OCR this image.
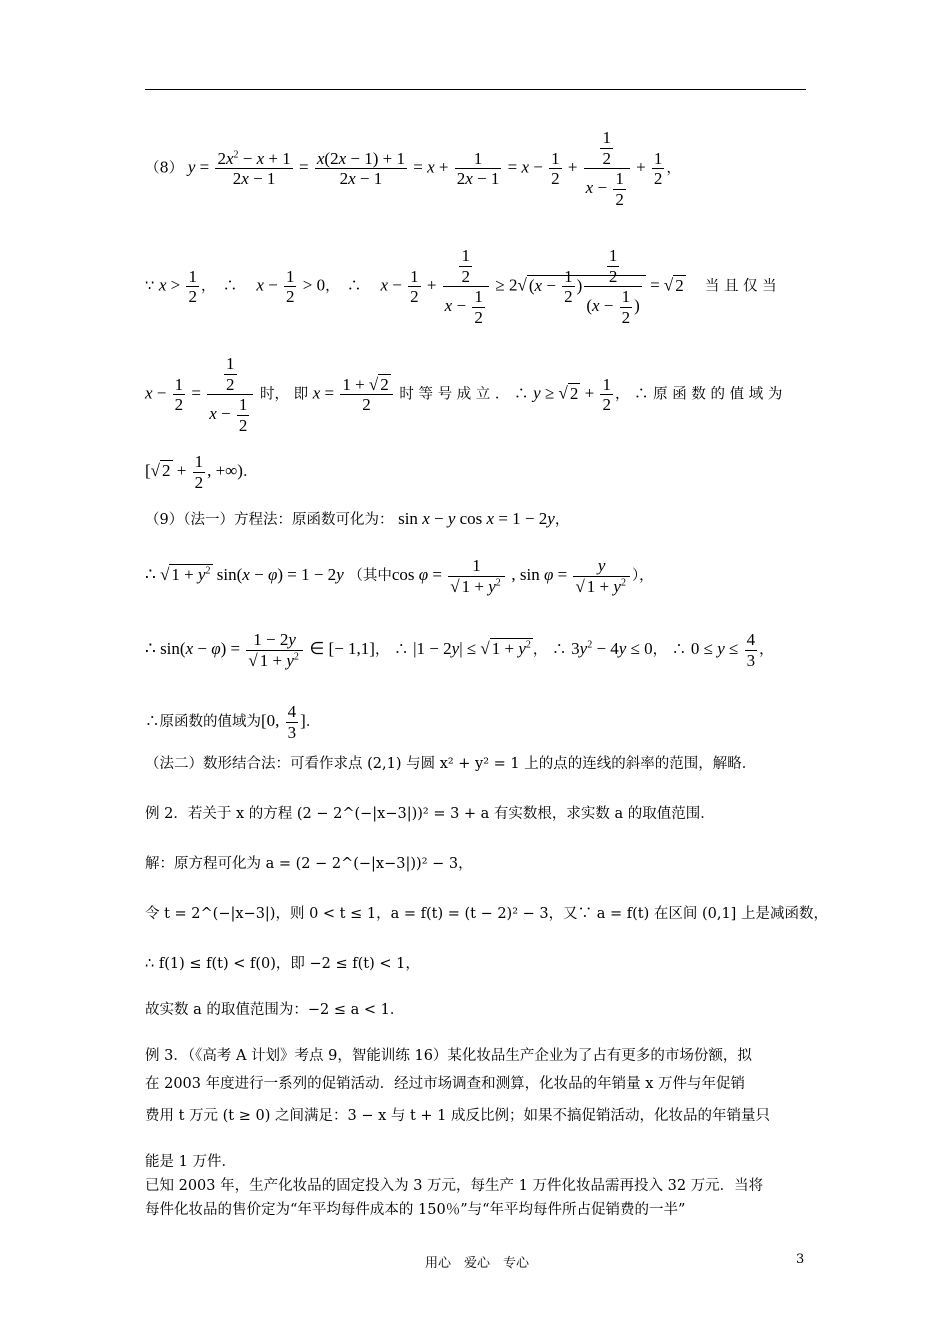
（8） $y = \frac{2x^2 - x + 1}{2x - 1} = \frac{x(2x - 1) + 1}{2x - 1} = x + \frac{1}{2x - 1} = x - \frac{1}{2} + \frac{\frac{1}{2}}{x - \frac{1}{2}} + \frac{1}{2}$ ，
∵ $x > \frac{1}{2}$ ，　∴　 $x - \frac{1}{2} > 0$，　∴　 $x - \frac{1}{2} + \frac{\frac{1}{2}}{x - \frac{1}{2}} \ge 2√$ ($x - \frac{1}{2}$ ) $\frac{\frac{1}{2}}{(x - \frac{1}{2} )}$ = √ 2 　当 且 仅 当
$x - \frac{1}{2} = \frac{\frac{1}{2}}{x - \frac{1}{2}}$ 时， 即 $x = \frac{1 + √ 2}{2}$ 时 等 号 成 立 ． ∴ y ≥ √ $2 + \frac{1}{2}$ ， ∴ 原 函 数 的 值 域 为
[√ $2 + \frac{1}{2}$ , +∞)．
（9）（法一）方程法：原函数可化为： sin x − y cos x = 1 − 2y，
∴ √ $1 + y^2$ sin(x − φ) = 1 − 2y （其中$\cos \varphi = \frac{1}{√ 1 + y^2}$ , $\sin \varphi = \frac{y}{√ 1 + y^2}$ ），
∴ $\sin(x - \varphi) = \frac{1 - 2y}{√ 1 + y^2}$ ∈ [− 1,1]， ∴ |1 − 2y| ≤ √ $1 + y^2$ ， ∴ $3y^2 - 4y \le 0$， ∴ $0 \le y \le \frac{4}{3}$ ，
∴原函数的值域为[0, $\frac{4}{3}$ ]．
（法二）数形结合法：可看作求点 (2,1) 与圆 x² + y² = 1 上的点的连线的斜率的范围，解略．
例 2．若关于 x 的方程 (2 − 2^(−|x−3|))² = 3 + a 有实数根，求实数 a 的取值范围．
解：原方程可化为 a = (2 − 2^(−|x−3|))² − 3，
令 t = 2^(−|x−3|)，则 0 < t ≤ 1，a = f(t) = (t − 2)² − 3，又∵ a = f(t) 在区间 (0,1] 上是减函数，
∴ f(1) ≤ f(t) < f(0)，即 −2 ≤ f(t) < 1，
故实数 a 的取值范围为：−2 ≤ a < 1．
例 3．（《高考 A 计划》考点 9，智能训练 16）某化妆品生产企业为了占有更多的市场份额，拟
在 2003 年度进行一系列的促销活动．经过市场调查和测算，化妆品的年销量 x 万件与年促销
费用 t 万元 (t ≥ 0) 之间满足：3 − x 与 t + 1 成反比例；如果不搞促销活动，化妆品的年销量只
能是 1 万件．
已知 2003 年，生产化妆品的固定投入为 3 万元，每生产 1 万件化妆品需再投入 32 万元．当将
每件化妆品的售价定为“年平均每件成本的 150％”与“年平均每件所占促销费的一半”
用心　爱心　专心	3
